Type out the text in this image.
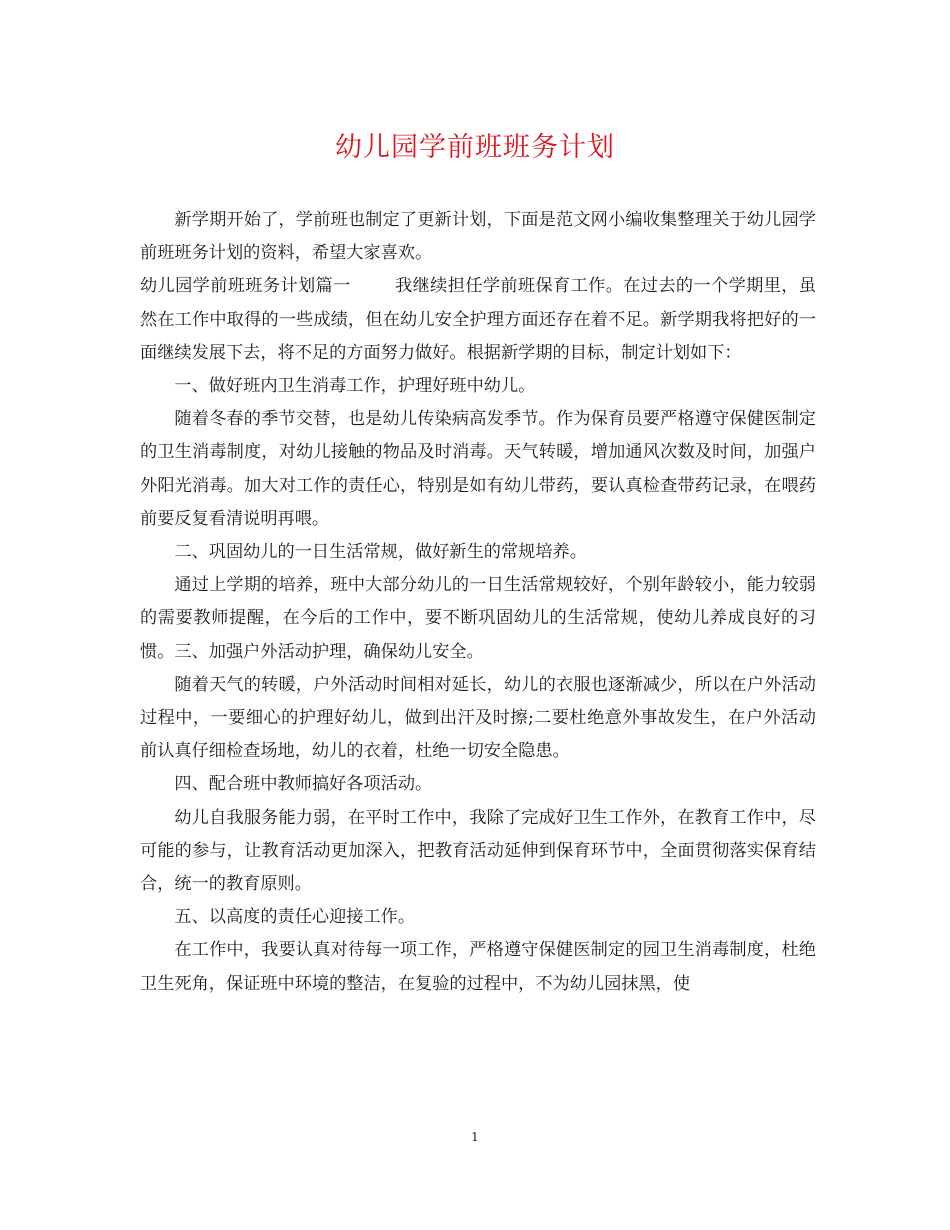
幼儿园学前班班务计划

新学期开始了，学前班也制定了更新计划，下面是范文网小编收集整理关于幼儿园学前班班务计划的资料，希望大家喜欢。

幼儿园学前班班务计划篇一	我继续担任学前班保育工作。在过去的一个学期里，虽然在工作中取得的一些成绩，但在幼儿安全护理方面还存在着不足。新学期我将把好的一面继续发展下去，将不足的方面努力做好。根据新学期的目标，制定计划如下：

一、做好班内卫生消毒工作，护理好班中幼儿。

随着冬春的季节交替，也是幼儿传染病高发季节。作为保育员要严格遵守保健医制定的卫生消毒制度，对幼儿接触的物品及时消毒。天气转暖，增加通风次数及时间，加强户外阳光消毒。加大对工作的责任心，特别是如有幼儿带药，要认真检查带药记录，在喂药前要反复看清说明再喂。

二、巩固幼儿的一日生活常规，做好新生的常规培养。

通过上学期的培养，班中大部分幼儿的一日生活常规较好，个别年龄较小，能力较弱的需要教师提醒，在今后的工作中，要不断巩固幼儿的生活常规，使幼儿养成良好的习惯。三、加强户外活动护理，确保幼儿安全。

随着天气的转暖，户外活动时间相对延长，幼儿的衣服也逐渐减少，所以在户外活动过程中，一要细心的护理好幼儿，做到出汗及时擦;二要杜绝意外事故发生，在户外活动前认真仔细检查场地，幼儿的衣着，杜绝一切安全隐患。

四、配合班中教师搞好各项活动。

幼儿自我服务能力弱，在平时工作中，我除了完成好卫生工作外，在教育工作中，尽可能的参与，让教育活动更加深入，把教育活动延伸到保育环节中，全面贯彻落实保育结合，统一的教育原则。

五、以高度的责任心迎接工作。

在工作中，我要认真对待每一项工作，严格遵守保健医制定的园卫生消毒制度，杜绝卫生死角，保证班中环境的整洁，在复验的过程中，不为幼儿园抹黑，使

1
